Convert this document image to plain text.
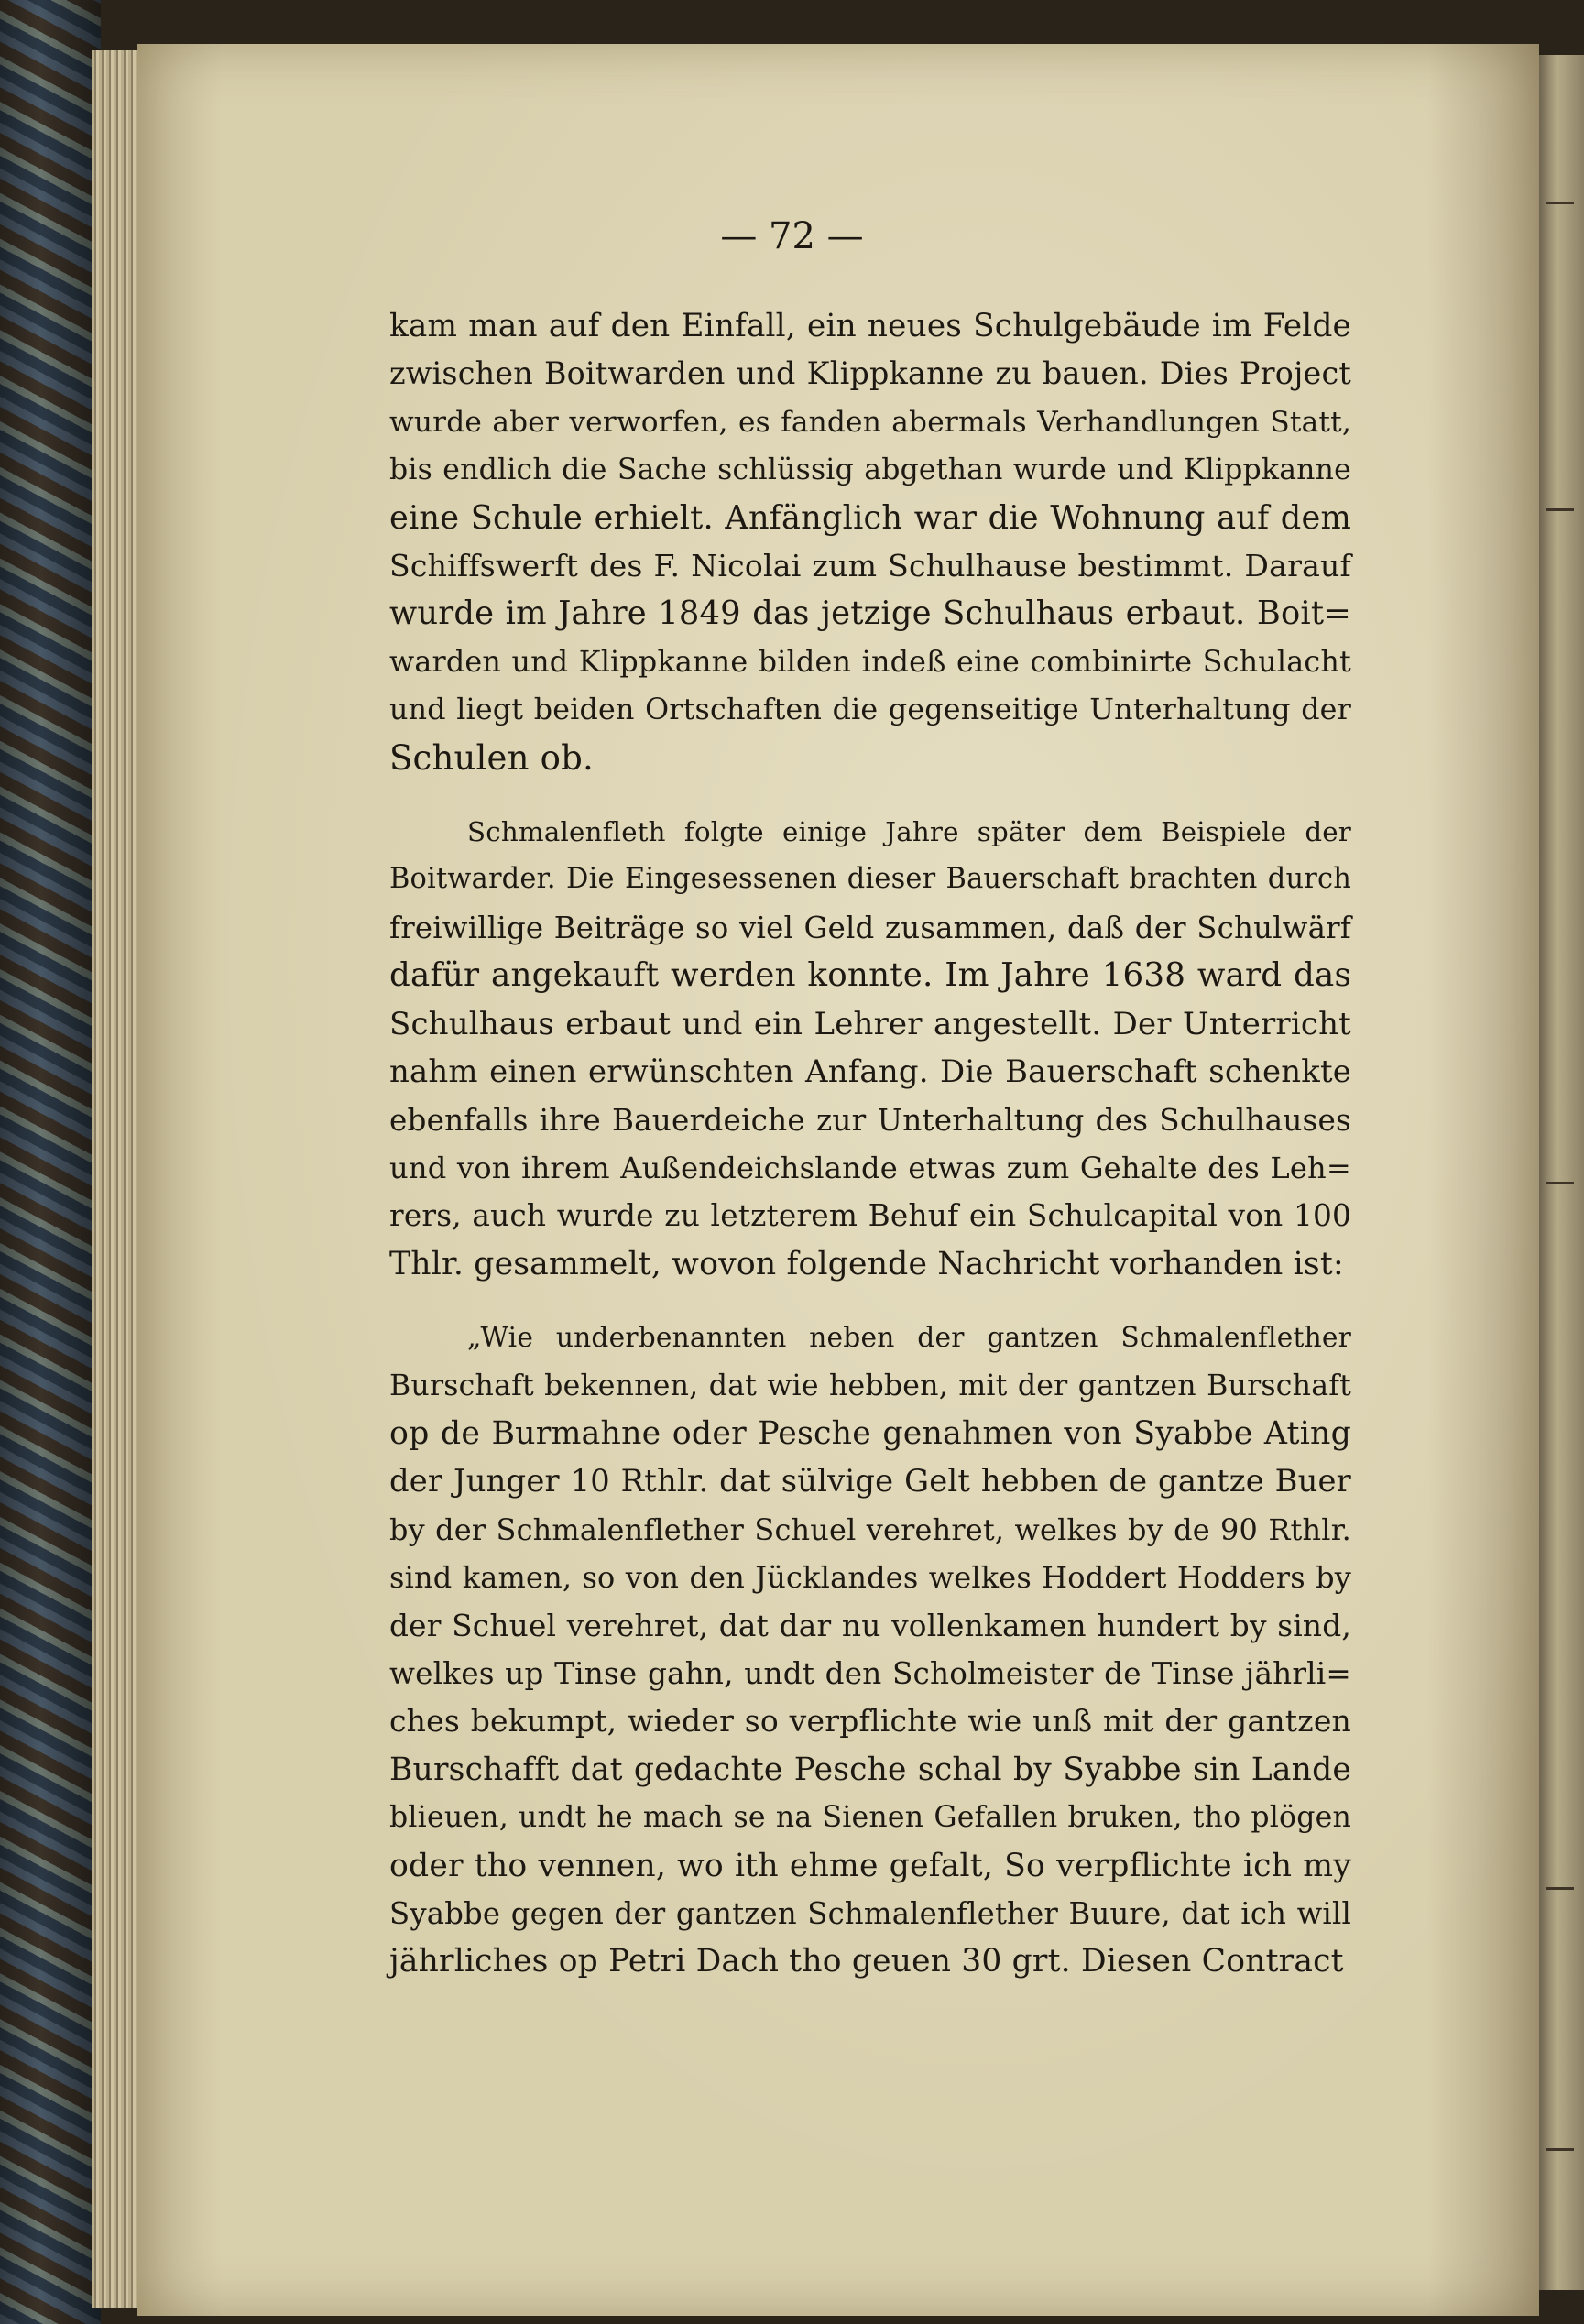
— 72 —
kam man auf den Einfall, ein neues Schulgebäude im Felde
zwischen Boitwarden und Klippkanne zu bauen. Dies Project
wurde aber verworfen, es fanden abermals Verhandlungen Statt,
bis endlich die Sache schlüssig abgethan wurde und Klippkanne
eine Schule erhielt. Anfänglich war die Wohnung auf dem
Schiffswerft des F. Nicolai zum Schulhause bestimmt. Darauf
wurde im Jahre 1849 das jetzige Schulhaus erbaut. Boit=
warden und Klippkanne bilden indeß eine combinirte Schulacht
und liegt beiden Ortschaften die gegenseitige Unterhaltung der
Schulen ob.
Schmalenfleth folgte einige Jahre später dem Beispiele der
Boitwarder. Die Eingesessenen dieser Bauerschaft brachten durch
freiwillige Beiträge so viel Geld zusammen, daß der Schulwärf
dafür angekauft werden konnte. Im Jahre 1638 ward das
Schulhaus erbaut und ein Lehrer angestellt. Der Unterricht
nahm einen erwünschten Anfang. Die Bauerschaft schenkte
ebenfalls ihre Bauerdeiche zur Unterhaltung des Schulhauses
und von ihrem Außendeichslande etwas zum Gehalte des Leh=
rers, auch wurde zu letzterem Behuf ein Schulcapital von 100
Thlr. gesammelt, wovon folgende Nachricht vorhanden ist:
„Wie underbenannten neben der gantzen Schmalenflether
Burschaft bekennen, dat wie hebben, mit der gantzen Burschaft
op de Burmahne oder Pesche genahmen von Syabbe Ating
der Junger 10 Rthlr. dat sülvige Gelt hebben de gantze Buer
by der Schmalenflether Schuel verehret, welkes by de 90 Rthlr.
sind kamen, so von den Jücklandes welkes Hoddert Hodders by
der Schuel verehret, dat dar nu vollenkamen hundert by sind,
welkes up Tinse gahn, undt den Scholmeister de Tinse jährli=
ches bekumpt, wieder so verpflichte wie unß mit der gantzen
Burschafft dat gedachte Pesche schal by Syabbe sin Lande
blieuen, undt he mach se na Sienen Gefallen bruken, tho plögen
oder tho vennen, wo ith ehme gefalt, So verpflichte ich my
Syabbe gegen der gantzen Schmalenflether Buure, dat ich will
jährliches op Petri Dach tho geuen 30 grt. Diesen Contract
